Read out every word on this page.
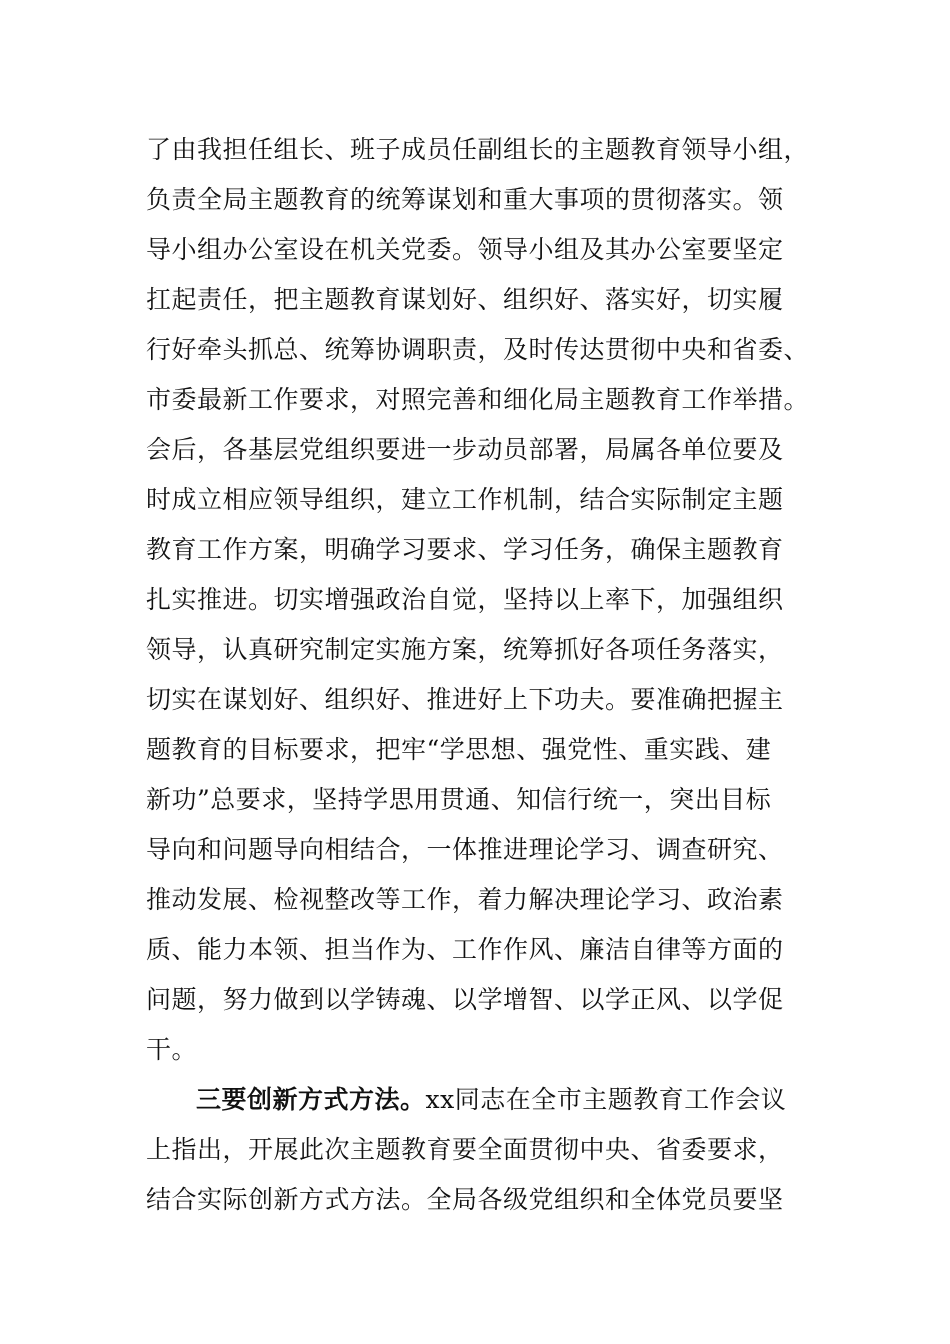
了由我担任组长、班子成员任副组长的主题教育领导小组，
负责全局主题教育的统筹谋划和重大事项的贯彻落实。领
导小组办公室设在机关党委。领导小组及其办公室要坚定
扛起责任，把主题教育谋划好、组织好、落实好，切实履
行好牵头抓总、统筹协调职责，及时传达贯彻中央和省委、
市委最新工作要求，对照完善和细化局主题教育工作举措。
会后，各基层党组织要进一步动员部署，局属各单位要及
时成立相应领导组织，建立工作机制，结合实际制定主题
教育工作方案，明确学习要求、学习任务，确保主题教育
扎实推进。切实增强政治自觉，坚持以上率下，加强组织
领导，认真研究制定实施方案，统筹抓好各项任务落实，
切实在谋划好、组织好、推进好上下功夫。要准确把握主
题教育的目标要求，把牢“学思想、强党性、重实践、建
新功”总要求，坚持学思用贯通、知信行统一，突出目标
导向和问题导向相结合，一体推进理论学习、调查研究、
推动发展、检视整改等工作，着力解决理论学习、政治素
质、能力本领、担当作为、工作作风、廉洁自律等方面的
问题，努力做到以学铸魂、以学增智、以学正风、以学促
干。
三要创新方式方法。xx同志在全市主题教育工作会议
上指出，开展此次主题教育要全面贯彻中央、省委要求，
结合实际创新方式方法。全局各级党组织和全体党员要坚
